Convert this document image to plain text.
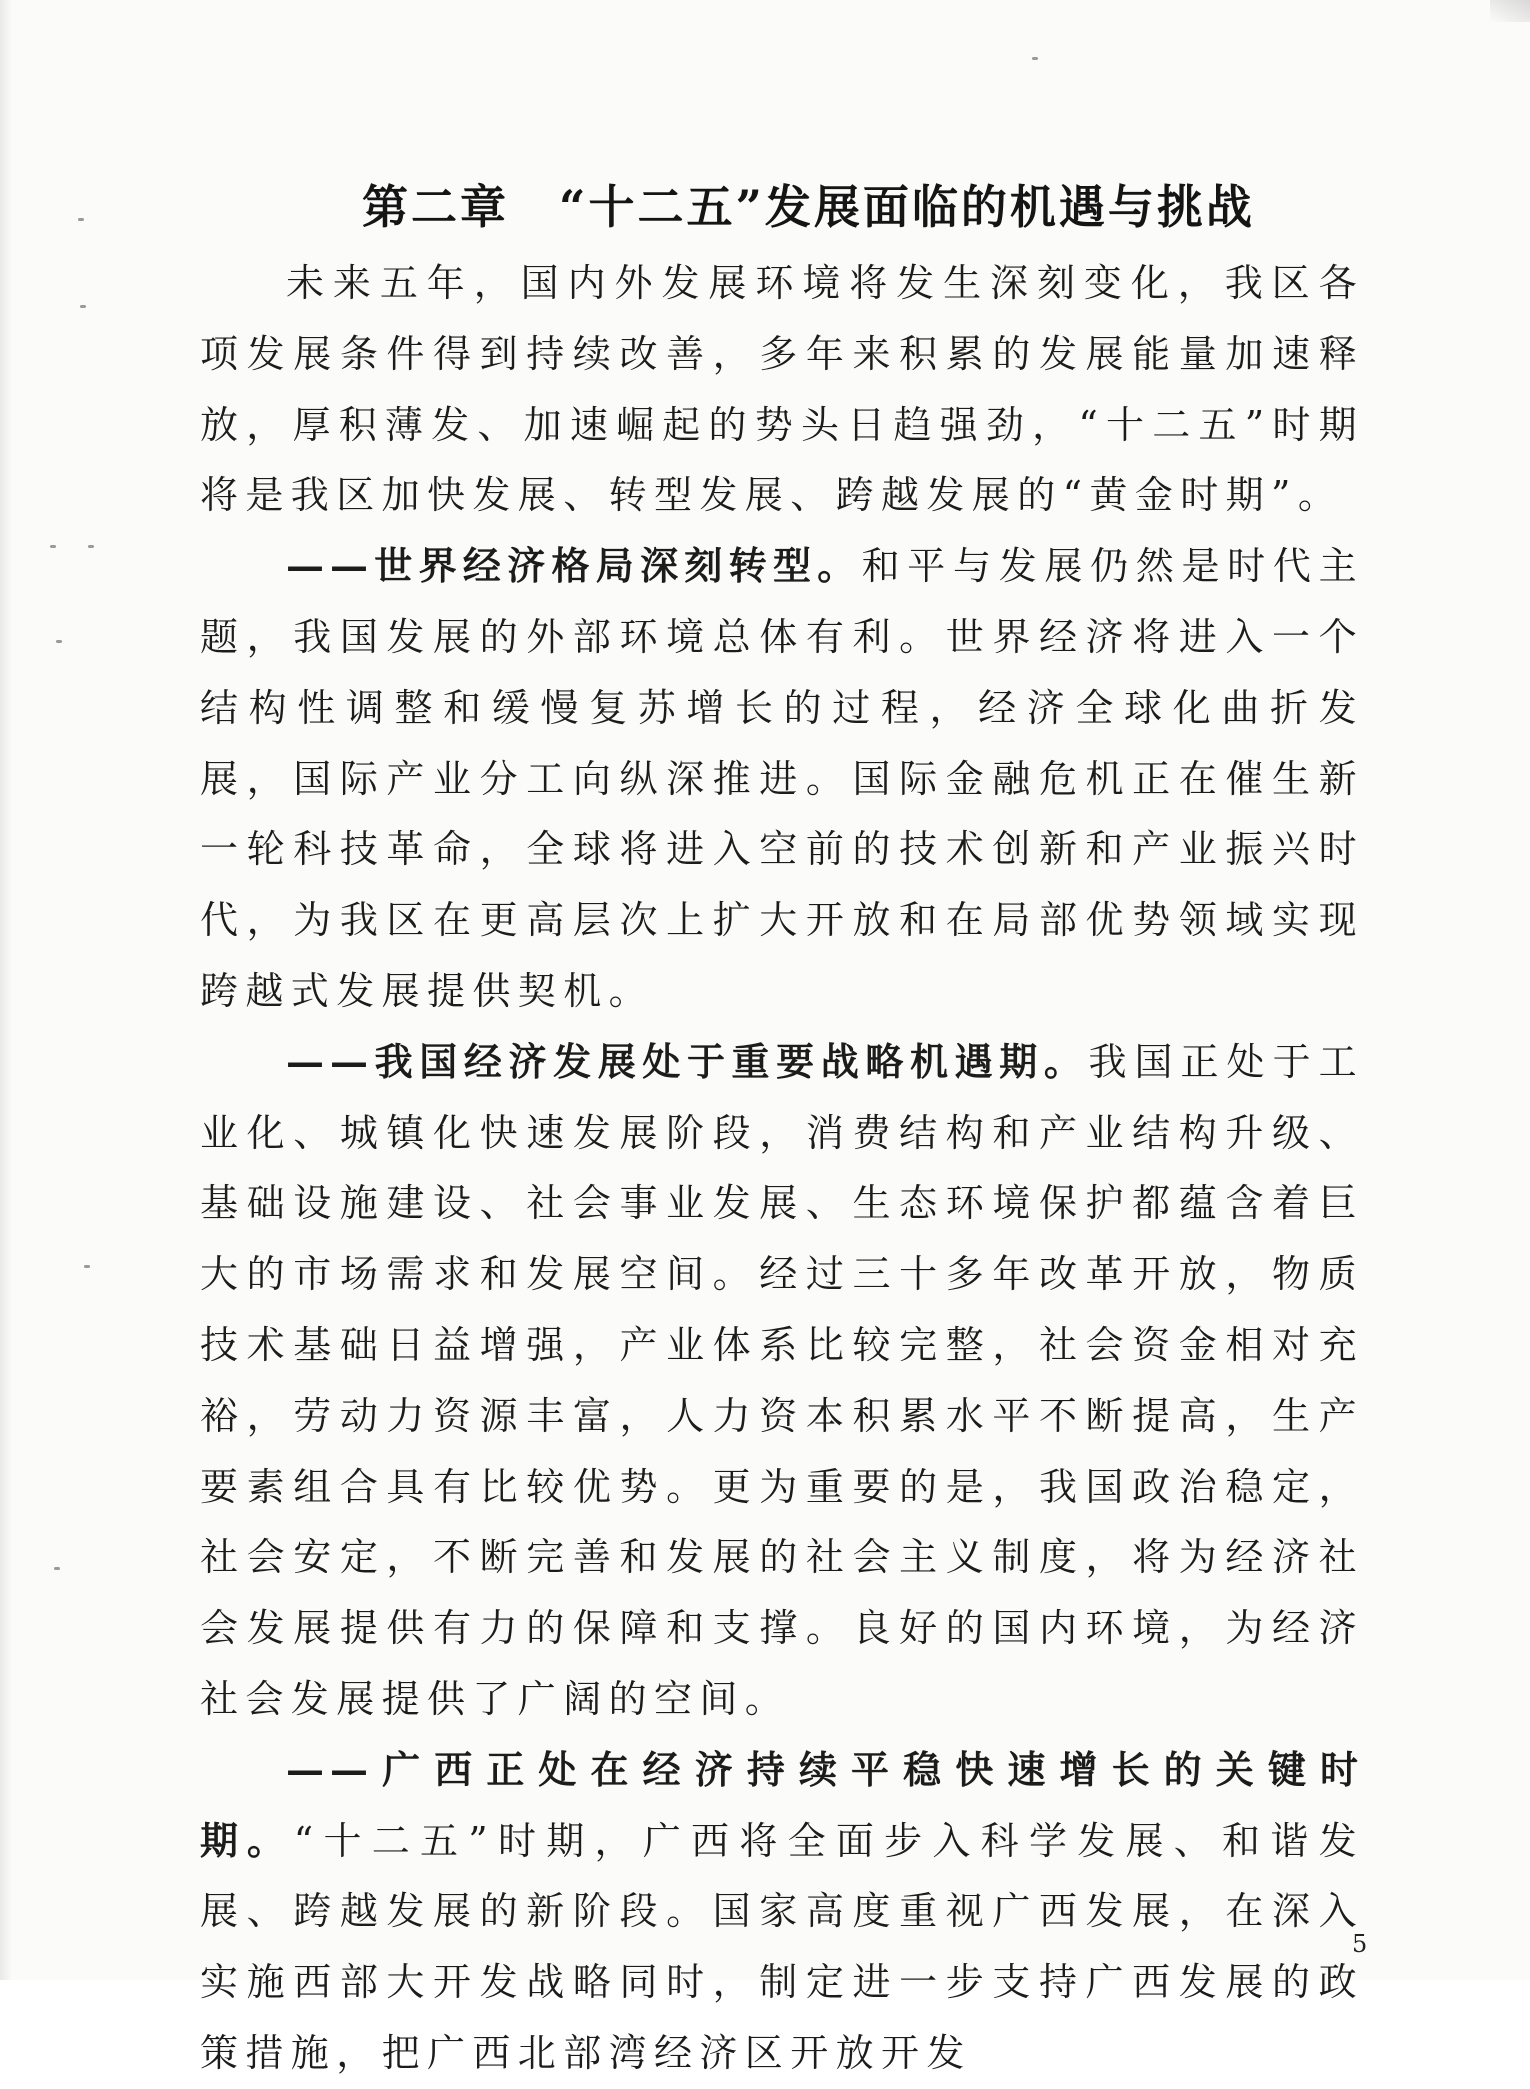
第二章 “十二五”发展面临的机遇与挑战

未来五年，国内外发展环境将发生深刻变化，我区各项发展条件得到持续改善，多年来积累的发展能量加速释放，厚积薄发、加速崛起的势头日趋强劲，“十二五”时期将是我区加快发展、转型发展、跨越发展的“黄金时期”。

——世界经济格局深刻转型。和平与发展仍然是时代主题，我国发展的外部环境总体有利。世界经济将进入一个结构性调整和缓慢复苏增长的过程，经济全球化曲折发展，国际产业分工向纵深推进。国际金融危机正在催生新一轮科技革命，全球将进入空前的技术创新和产业振兴时代，为我区在更高层次上扩大开放和在局部优势领域实现跨越式发展提供契机。

——我国经济发展处于重要战略机遇期。我国正处于工业化、城镇化快速发展阶段，消费结构和产业结构升级、基础设施建设、社会事业发展、生态环境保护都蕴含着巨大的市场需求和发展空间。经过三十多年改革开放，物质技术基础日益增强，产业体系比较完整，社会资金相对充裕，劳动力资源丰富，人力资本积累水平不断提高，生产要素组合具有比较优势。更为重要的是，我国政治稳定，社会安定，不断完善和发展的社会主义制度，将为经济社会发展提供有力的保障和支撑。良好的国内环境，为经济社会发展提供了广阔的空间。

——广西正处在经济持续平稳快速增长的关键时期。“十二五”时期，广西将全面步入科学发展、和谐发展、跨越发展的新阶段。国家高度重视广西发展，在深入实施西部大开发战略同时，制定进一步支持广西发展的政策措施，把广西北部湾经济区开放开发

5
